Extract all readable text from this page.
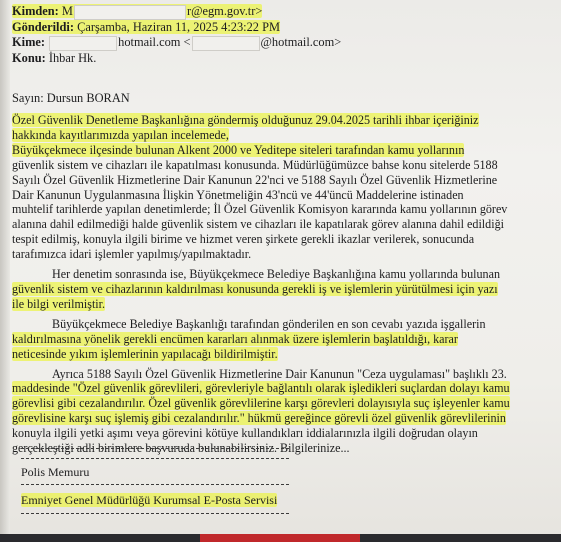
Kimden: M	r@egm.gov.tr>
Gönderildi: Çarşamba, Haziran 11, 2025 4:23:22 PM
Kime:	hotmail.com <	@hotmail.com>
Konu: İhbar Hk.
Sayın: Dursun BORAN

Özel Güvenlik Denetleme Başkanlığına göndermiş olduğunuz 29.04.2025 tarihli ihbar içeriğiniz
hakkında kayıtlarımızda yapılan incelemede,
Büyükçekmece ilçesinde bulunan Alkent 2000 ve Yeditepe siteleri tarafından kamu yollarının
güvenlik sistem ve cihazları ile kapatılması konusunda. Müdürlüğümüzce bahse konu sitelerde 5188
Sayılı Özel Güvenlik Hizmetlerine Dair Kanunun 22'nci ve 5188 Sayılı Özel Güvenlik Hizmetlerine
Dair Kanunun Uygulanmasına İlişkin Yönetmeliğin 43'ncü ve 44'üncü Maddelerine istinaden
muhtelif tarihlerde yapılan denetimlerde; İl Özel Güvenlik Komisyon kararında kamu yollarının görev
alanına dahil edilmediği halde güvenlik sistem ve cihazları ile kapatılarak görev alanına dahil edildiği
tespit edilmiş, konuyla ilgili birime ve hizmet veren şirkete gerekli ikazlar verilerek, sonucunda
tarafımızca idari işlemler yapılmış/yapılmaktadır.

Her denetim sonrasında ise, Büyükçekmece Belediye Başkanlığına kamu yollarında bulunan
güvenlik sistem ve cihazlarının kaldırılması konusunda gerekli iş ve işlemlerin yürütülmesi için yazı
ile bilgi verilmiştir.

Büyükçekmece Belediye Başkanlığı tarafından gönderilen en son cevabı yazıda işgallerin
kaldırılmasına yönelik gerekli encümen kararları alınmak üzere işlemlerin başlatıldığı, karar
neticesinde yıkım işlemlerinin yapılacağı bildirilmiştir.

Ayrıca 5188 Sayılı Özel Güvenlik Hizmetlerine Dair Kanunun "Ceza uygulaması" başlıklı 23.
maddesinde "Özel güvenlik görevlileri, görevleriyle bağlantılı olarak işledikleri suçlardan dolayı kamu
görevlisi gibi cezalandırılır. Özel güvenlik görevlilerine karşı görevleri dolayısıyla suç işleyenler kamu
görevlisine karşı suç işlemiş gibi cezalandırılır." hükmü gereğince görevli özel güvenlik görevlilerinin
konuyla ilgili yetki aşımı veya görevini kötüye kullandıkları iddialarınızla ilgili doğrudan olayın
gerçekleştiği adli birimlere başvuruda bulunabilirsiniz. Bilgilerinize...

Polis Memuru
Emniyet Genel Müdürlüğü Kurumsal E-Posta Servisi
